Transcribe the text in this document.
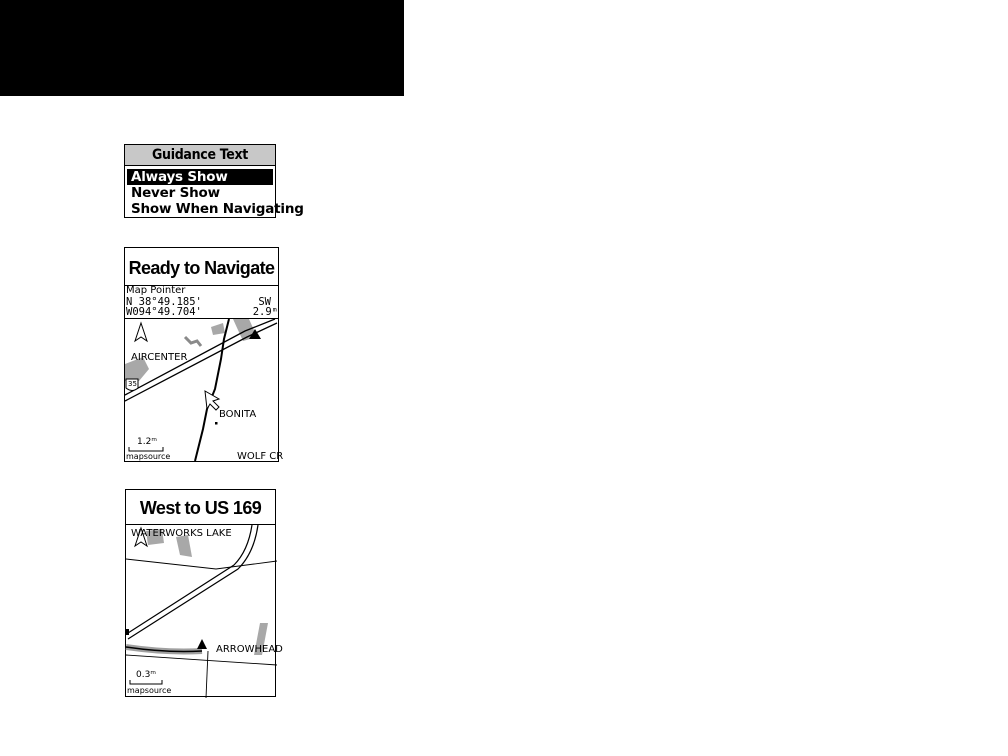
Guidance Text
Always Show
Never Show
Show When Navigating
Ready to Navigate
Map Pointer
N 38°49.185'
W094°49.704'
SW
2.9ᵐ
AIRCENTER
BONITA
WOLF CR
35
1.2ᵐ
mapsource
West to US 169
WATERWORKS LAKE
ARROWHEAD
0.3ᵐ
mapsource
